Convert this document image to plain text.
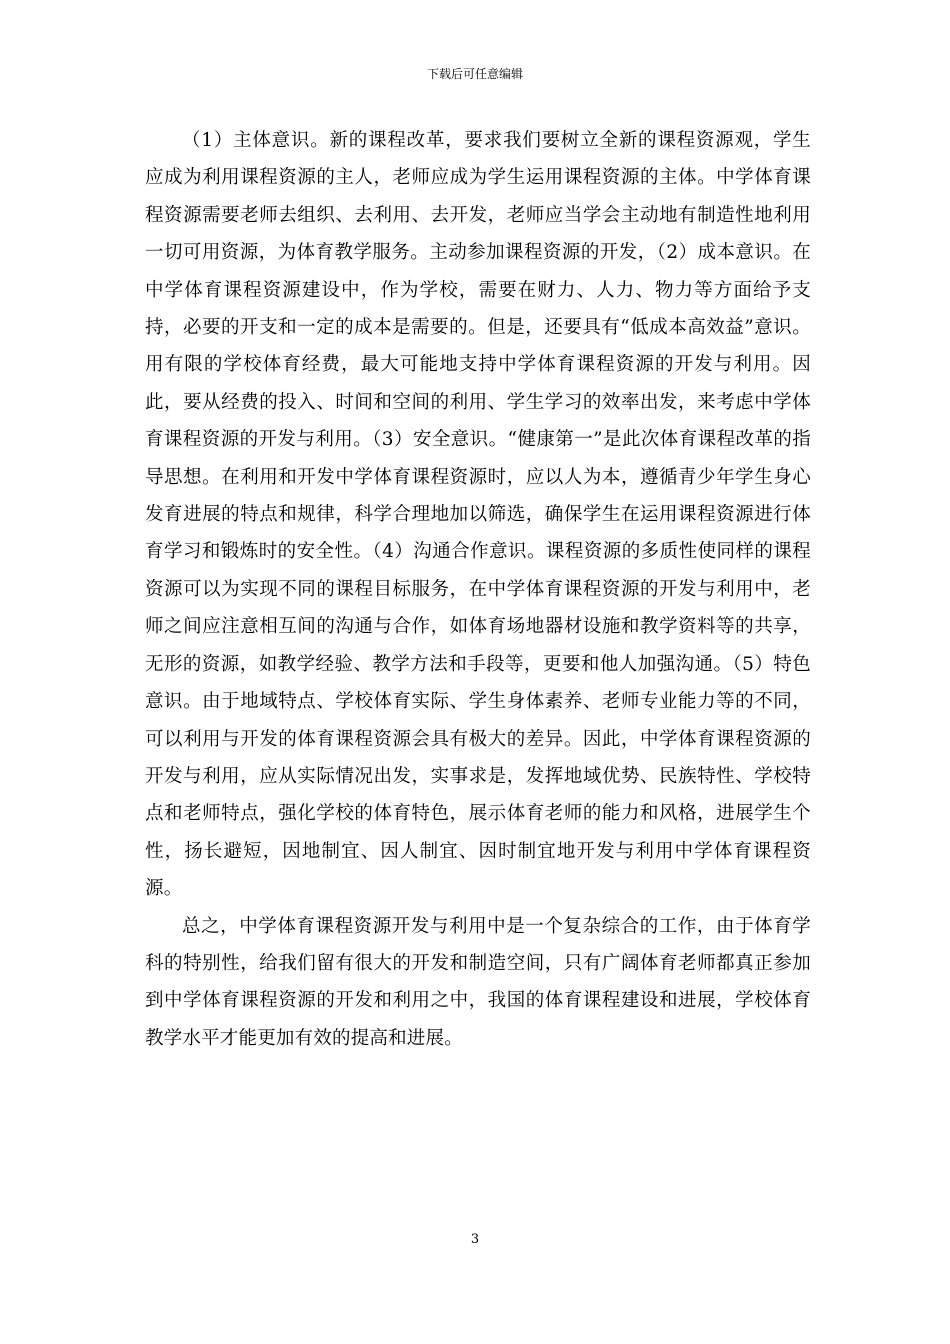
下载后可任意编辑

（1）主体意识。新的课程改革，要求我们要树立全新的课程资源观，学生应成为利用课程资源的主人，老师应成为学生运用课程资源的主体。中学体育课程资源需要老师去组织、去利用、去开发，老师应当学会主动地有制造性地利用一切可用资源，为体育教学服务。主动参加课程资源的开发，（2）成本意识。在中学体育课程资源建设中，作为学校，需要在财力、人力、物力等方面给予支持，必要的开支和一定的成本是需要的。但是，还要具有“低成本高效益”意识。用有限的学校体育经费，最大可能地支持中学体育课程资源的开发与利用。因此，要从经费的投入、时间和空间的利用、学生学习的效率出发，来考虑中学体育课程资源的开发与利用。（3）安全意识。“健康第一”是此次体育课程改革的指导思想。在利用和开发中学体育课程资源时，应以人为本，遵循青少年学生身心发育进展的特点和规律，科学合理地加以筛选，确保学生在运用课程资源进行体育学习和锻炼时的安全性。（4）沟通合作意识。课程资源的多质性使同样的课程资源可以为实现不同的课程目标服务，在中学体育课程资源的开发与利用中，老师之间应注意相互间的沟通与合作，如体育场地器材设施和教学资料等的共享，无形的资源，如教学经验、教学方法和手段等，更要和他人加强沟通。（5）特色意识。由于地域特点、学校体育实际、学生身体素养、老师专业能力等的不同，可以利用与开发的体育课程资源会具有极大的差异。因此，中学体育课程资源的开发与利用，应从实际情况出发，实事求是，发挥地域优势、民族特性、学校特点和老师特点，强化学校的体育特色，展示体育老师的能力和风格，进展学生个性，扬长避短，因地制宜、因人制宜、因时制宜地开发与利用中学体育课程资源。

总之，中学体育课程资源开发与利用中是一个复杂综合的工作，由于体育学科的特别性，给我们留有很大的开发和制造空间，只有广阔体育老师都真正参加到中学体育课程资源的开发和利用之中，我国的体育课程建设和进展，学校体育教学水平才能更加有效的提高和进展。

3
